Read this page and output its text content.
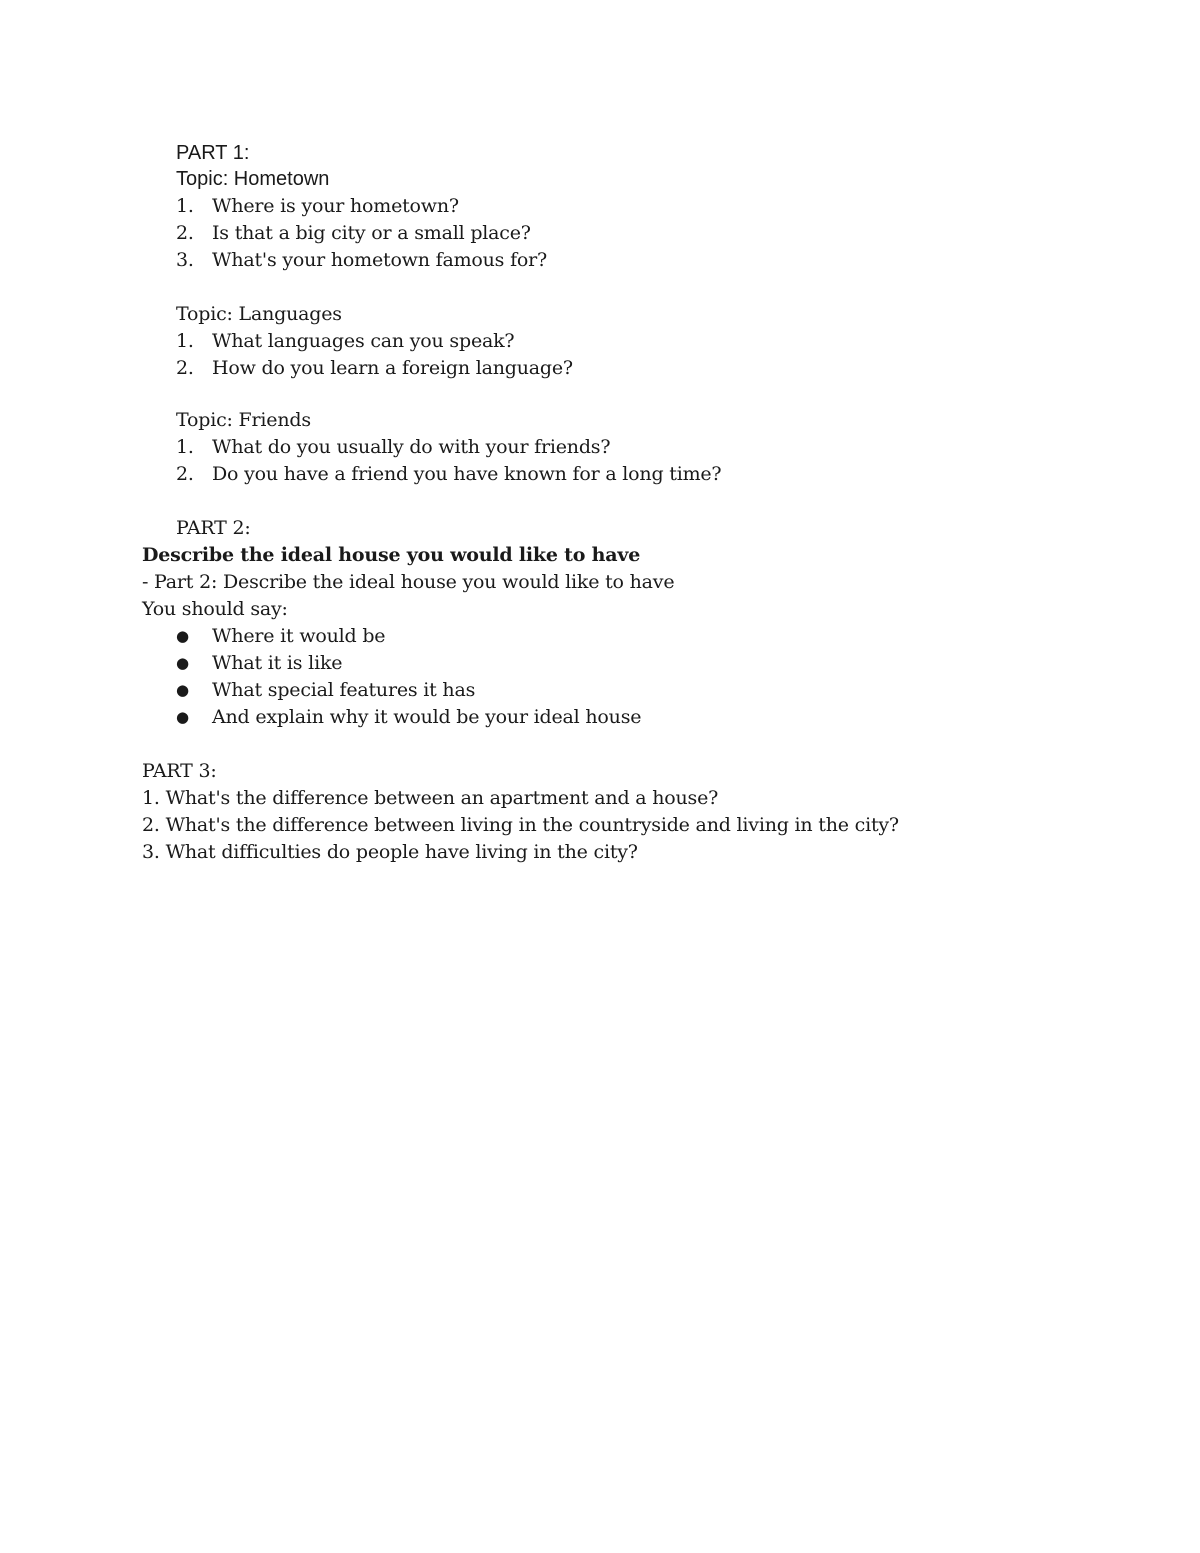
PART 1:
Topic: Hometown
1. Where is your hometown?
2. Is that a big city or a small place?
3. What's your hometown famous for?
Topic: Languages
1. What languages can you speak?
2. How do you learn a foreign language?
Topic: Friends
1. What do you usually do with your friends?
2. Do you have a friend you have known for a long time?
PART 2:
Describe the ideal house you would like to have
- Part 2: Describe the ideal house you would like to have
You should say:
● Where it would be
● What it is like
● What special features it has
● And explain why it would be your ideal house
PART 3:
1. What's the difference between an apartment and a house?
2. What's the difference between living in the countryside and living in the city?
3. What difficulties do people have living in the city?
